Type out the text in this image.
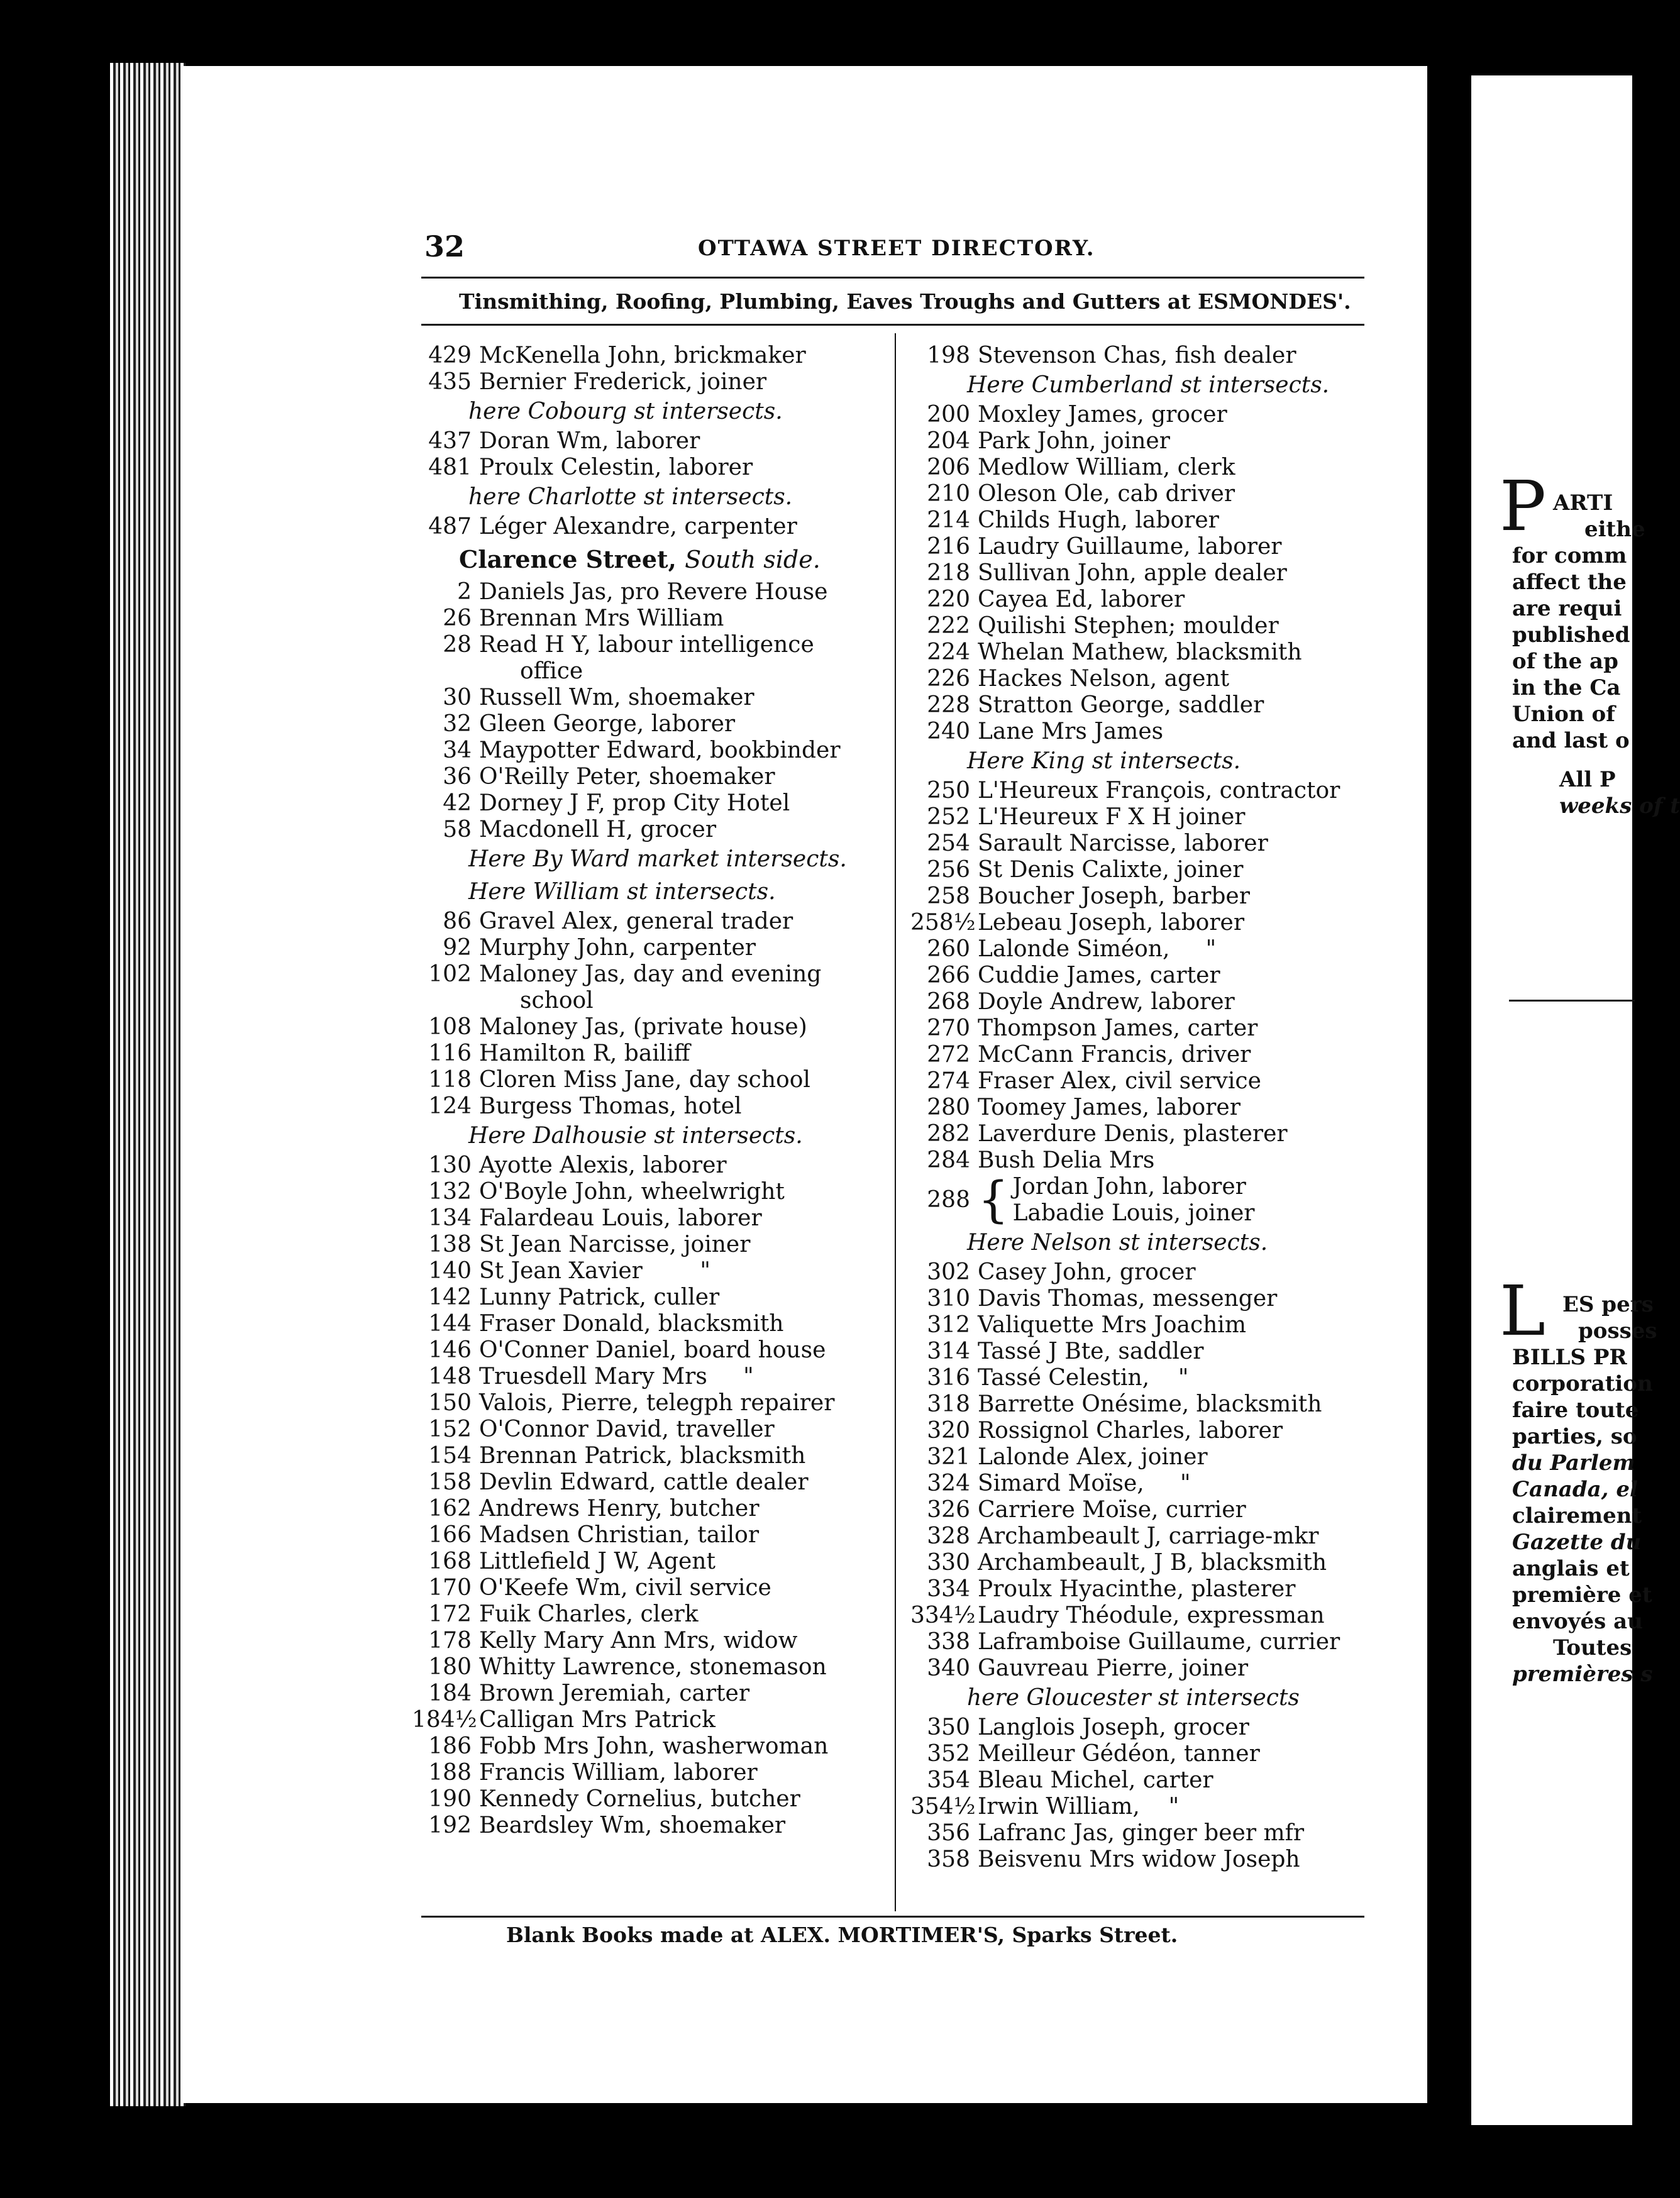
32	OTTAWA STREET DIRECTORY.
Tinsmithing, Roofing, Plumbing, Eaves Troughs and Gutters at ESMONDES'.
429 McKenella John, brickmaker
435 Bernier Frederick, joiner
here Cobourg st intersects.
437 Doran Wm, laborer
481 Proulx Celestin, laborer
here Charlotte st intersects.
487 Léger Alexandre, carpenter
Clarence Street, South side.
2 Daniels Jas, pro Revere House
26 Brennan Mrs William
28 Read H Y, labour intelligence
office
30 Russell Wm, shoemaker
32 Gleen George, laborer
34 Maypotter Edward, bookbinder
36 O'Reilly Peter, shoemaker
42 Dorney J F, prop City Hotel
58 Macdonell H, grocer
Here By Ward market intersects.
Here William st intersects.
86 Gravel Alex, general trader
92 Murphy John, carpenter
102 Maloney Jas, day and evening
school
108 Maloney Jas, (private house)
116 Hamilton R, bailiff
118 Cloren Miss Jane, day school
124 Burgess Thomas, hotel
Here Dalhousie st intersects.
130 Ayotte Alexis, laborer
132 O'Boyle John, wheelwright
134 Falardeau Louis, laborer
138 St Jean Narcisse, joiner
140 St Jean Xavier        "
142 Lunny Patrick, culler
144 Fraser Donald, blacksmith
146 O'Conner Daniel, board house
148 Truesdell Mary Mrs     "
150 Valois, Pierre, telegph repairer
152 O'Connor David, traveller
154 Brennan Patrick, blacksmith
158 Devlin Edward, cattle dealer
162 Andrews Henry, butcher
166 Madsen Christian, tailor
168 Littlefield J W, Agent
170 O'Keefe Wm, civil service
172 Fuik Charles, clerk
178 Kelly Mary Ann Mrs, widow
180 Whitty Lawrence, stonemason
184 Brown Jeremiah, carter
184½ Calligan Mrs Patrick
186 Fobb Mrs John, washerwoman
188 Francis William, laborer
190 Kennedy Cornelius, butcher
192 Beardsley Wm, shoemaker
198 Stevenson Chas, fish dealer
Here Cumberland st intersects.
200 Moxley James, grocer
204 Park John, joiner
206 Medlow William, clerk
210 Oleson Ole, cab driver
214 Childs Hugh, laborer
216 Laudry Guillaume, laborer
218 Sullivan John, apple dealer
220 Cayea Ed, laborer
222 Quilishi Stephen; moulder
224 Whelan Mathew, blacksmith
226 Hackes Nelson, agent
228 Stratton George, saddler
240 Lane Mrs James
Here King st intersects.
250 L'Heureux François, contractor
252 L'Heureux F X H joiner
254 Sarault Narcisse, laborer
256 St Denis Calixte, joiner
258 Boucher Joseph, barber
258½ Lebeau Joseph, laborer
260 Lalonde Siméon,     "
266 Cuddie James, carter
268 Doyle Andrew, laborer
270 Thompson James, carter
272 McCann Francis, driver
274 Fraser Alex, civil service
280 Toomey James, laborer
282 Laverdure Denis, plasterer
284 Bush Delia Mrs
288 { Jordan John, laborer
Labadie Louis, joiner
Here Nelson st intersects.
302 Casey John, grocer
310 Davis Thomas, messenger
312 Valiquette Mrs Joachim
314 Tassé J Bte, saddler
316 Tassé Celestin,    "
318 Barrette Onésime, blacksmith
320 Rossignol Charles, laborer
321 Lalonde Alex, joiner
324 Simard Moïse,     "
326 Carriere Moïse, currier
328 Archambeault J, carriage-mkr
330 Archambeault, J B, blacksmith
334 Proulx Hyacinthe, plasterer
334½ Laudry Théodule, expressman
338 Laframboise Guillaume, currier
340 Gauvreau Pierre, joiner
here Gloucester st intersects
350 Langlois Joseph, grocer
352 Meilleur Gédéon, tanner
354 Bleau Michel, carter
354½ Irwin William,    "
356 Lafranc Jas, ginger beer mfr
358 Beisvenu Mrs widow Joseph
Blank Books made at ALEX. MORTIMER'S, Sparks Street.
P ARTI
eithe
for comm
affect the
are requi
published
of the ap
in the Ca
Union of
and last o
All P
weeks of t
L ES pers
posses
BILLS PR
corporation
faire toute
parties, so
du Parlem
Canada, el
clairement
Gazette du
anglais et
première et
envoyés au
Toutes
premières s
